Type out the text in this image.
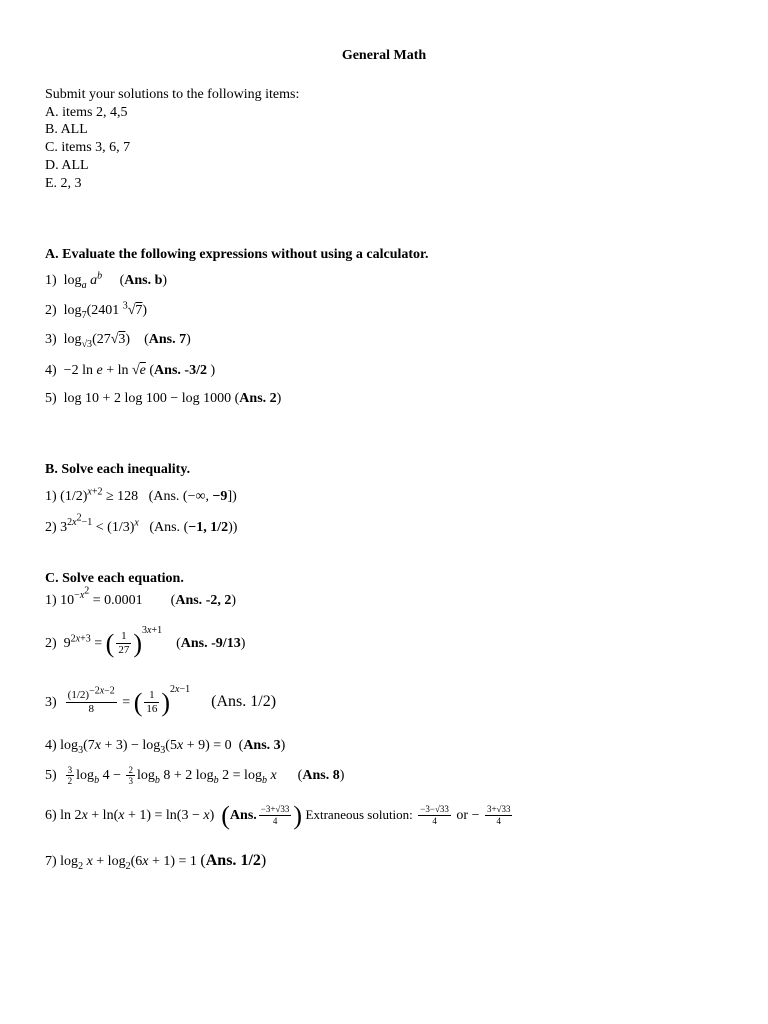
General Math
Submit your solutions to the following items:
A. items 2, 4,5
B. ALL
C. items 3, 6, 7
D. ALL
E. 2, 3
A. Evaluate the following expressions without using a calculator.
1)  $\log_a a^b$     (Ans. b)
2)  $\log_7(2401$ $^3$√7)
3)  $\log_{√3}(27√3)$    (Ans. 7)
4)  −2 ln e + ln √e (Ans. -3/2 )
5)  log 10 + 2 log 100 − log 1000 (Ans. 2)
B. Solve each inequality.
1) $(1/2)^{x+2} \ge 128$   (Ans. (−∞, −9])
2) $3^{2x^2-1} < (1/3)^x$   (Ans. (−1, 1/2))
C. Solve each equation.
1) $10^{-x^2} = 0.0001$        (Ans. -2, 2)
2)  $9^{2x+3}$ = ( $\frac{1}{27} )^{3x+1}$    (Ans. -9/13)
$3) \frac{(1/2)^{-2x-2}}{8}$ = ( $\frac{1}{16} )^{2x-1}$      (Ans. 1/2)
4) $\log_3(7x + 3) - \log_3(5x + 9) = 0$  (Ans. 3)
$5) \frac{3}{2} \log_b 4 - \frac{2}{3} \log_b 8 + 2$ $\log_b 2 = \log_b x$      (Ans. 8)
6) ln 2x + ln(x + 1) = ln(3 − x)  (Ans. $\frac{-3+√33}{4}$ ) Extraneous solution: $\frac{-3-√33}{4}$ or − $\frac{3+√33}{4}$
7) $\log_2 x + \log_2(6x + 1) = 1$ (Ans. 1/2)
